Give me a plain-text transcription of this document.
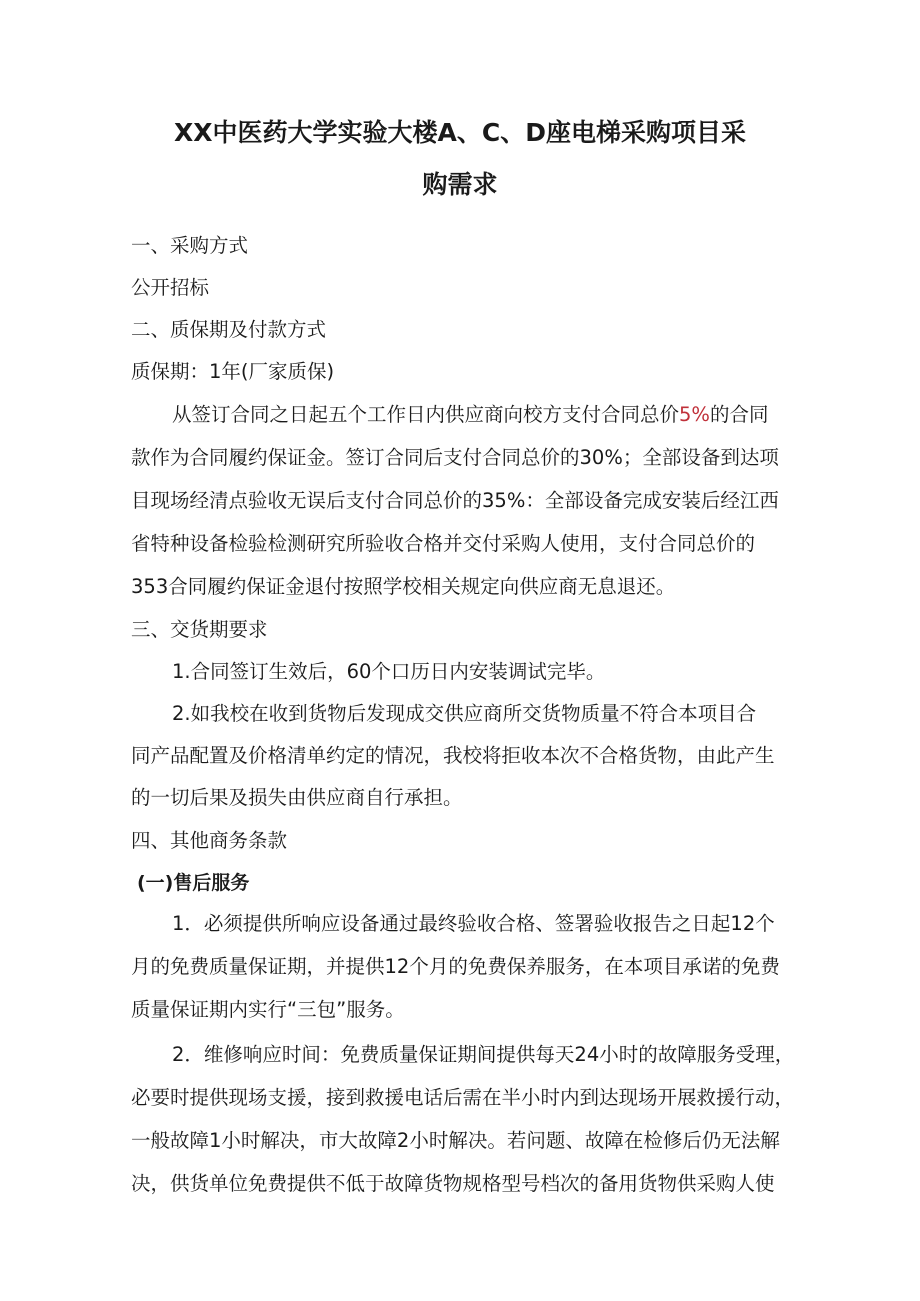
XX中医药大学实验大楼A、C、D座电梯采购项目采
购需求

一、采购方式

公开招标

二、质保期及付款方式

质保期：1年(厂家质保)

从签订合同之日起五个工作日内供应商向校方支付合同总价5%的合同

款作为合同履约保证金。签订合同后支付合同总价的30%；全部设备到达项

目现场经清点验收无误后支付合同总价的35%：全部设备完成安装后经江西

省特种设备检验检测研究所验收合格并交付采购人使用，支付合同总价的

353合同履约保证金退付按照学校相关规定向供应商无息退还。

三、交货期要求

1.合同签订生效后，60个口历日内安装调试完毕。

2.如我校在收到货物后发现成交供应商所交货物质量不符合本项目合

同产品配置及价格清单约定的情况，我校将拒收本次不合格货物，由此产生

的一切后果及损失由供应商自行承担。

四、其他商务条款

(一)售后服务

1．必须提供所响应设备通过最终验收合格、签署验收报告之日起12个

月的免费质量保证期，并提供12个月的免费保养服务，在本项目承诺的免费

质量保证期内实行“三包”服务。

2．维修响应时间：免费质量保证期间提供每天24小时的故障服务受理，

必要时提供现场支援，接到救援电话后需在半小时内到达现场开展救援行动，

一般故障1小时解决，市大故障2小时解决。若问题、故障在检修后仍无法解

决，供货单位免费提供不低于故障货物规格型号档次的备用货物供采购人使
